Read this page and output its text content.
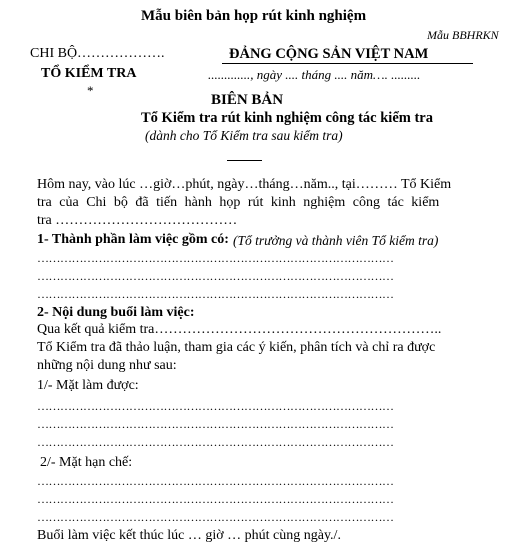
Mẫu biên bản họp rút kinh nghiệm
Mẫu BBHRKN
CHI BỘ……………….
TỔ KIỂM TRA
*
ĐẢNG CỘNG SẢN VIỆT NAM
............., ngày .... tháng .... năm…. .........
BIÊN BẢN
Tổ Kiểm tra rút kinh nghiệm công tác kiểm tra
(dành cho Tổ Kiểm tra sau kiểm tra)
Hôm nay, vào lúc …giờ…phút, ngày…tháng…năm.., tại……… Tổ Kiểm
tra của Chi bộ đã tiến hành họp rút kinh nghiệm công tác kiểm
tra …………………………………
1- Thành phần làm việc gồm có: (Tổ trưởng và thành viên Tổ kiểm tra)
…………………………………………………………………………………
…………………………………………………………………………………
…………………………………………………………………………………
2- Nội dung buổi làm việc:
Qua kết quả kiểm tra……………………………………………………..
Tổ Kiểm tra đã thảo luận, tham gia các ý kiến, phân tích và chỉ ra được
những nội dung như sau:
1/- Mặt làm được:
…………………………………………………………………………………
…………………………………………………………………………………
…………………………………………………………………………………
2/- Mặt hạn chế:
…………………………………………………………………………………
…………………………………………………………………………………
…………………………………………………………………………………
Buổi làm việc kết thúc lúc … giờ … phút cùng ngày./.
